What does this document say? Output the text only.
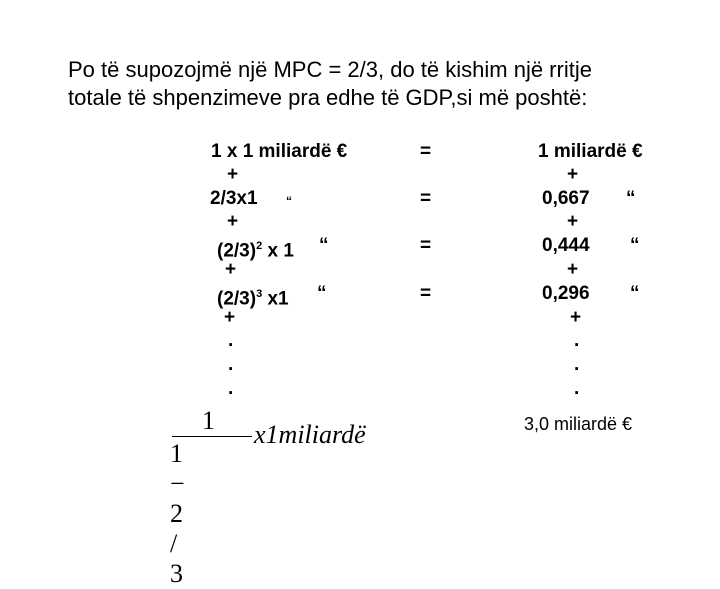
Po të supozojmë një MPC = 2/3, do të kishim një rritje
totale të shpenzimeve pra edhe të GDP,si më poshtë:
1 x 1 miliardë €
+
2/3x1 “
+
$(2/3)^2$ x 1 “
+
$(2/3)^3$ x1 “
+
.
.
.
=
=
=
=
1 miliardë €
+
0,667 “
+
0,444 “
+
0,296 “
+
.
.
.
3,0 miliardë €
1
1 − 2 / 3
x1miliardë
